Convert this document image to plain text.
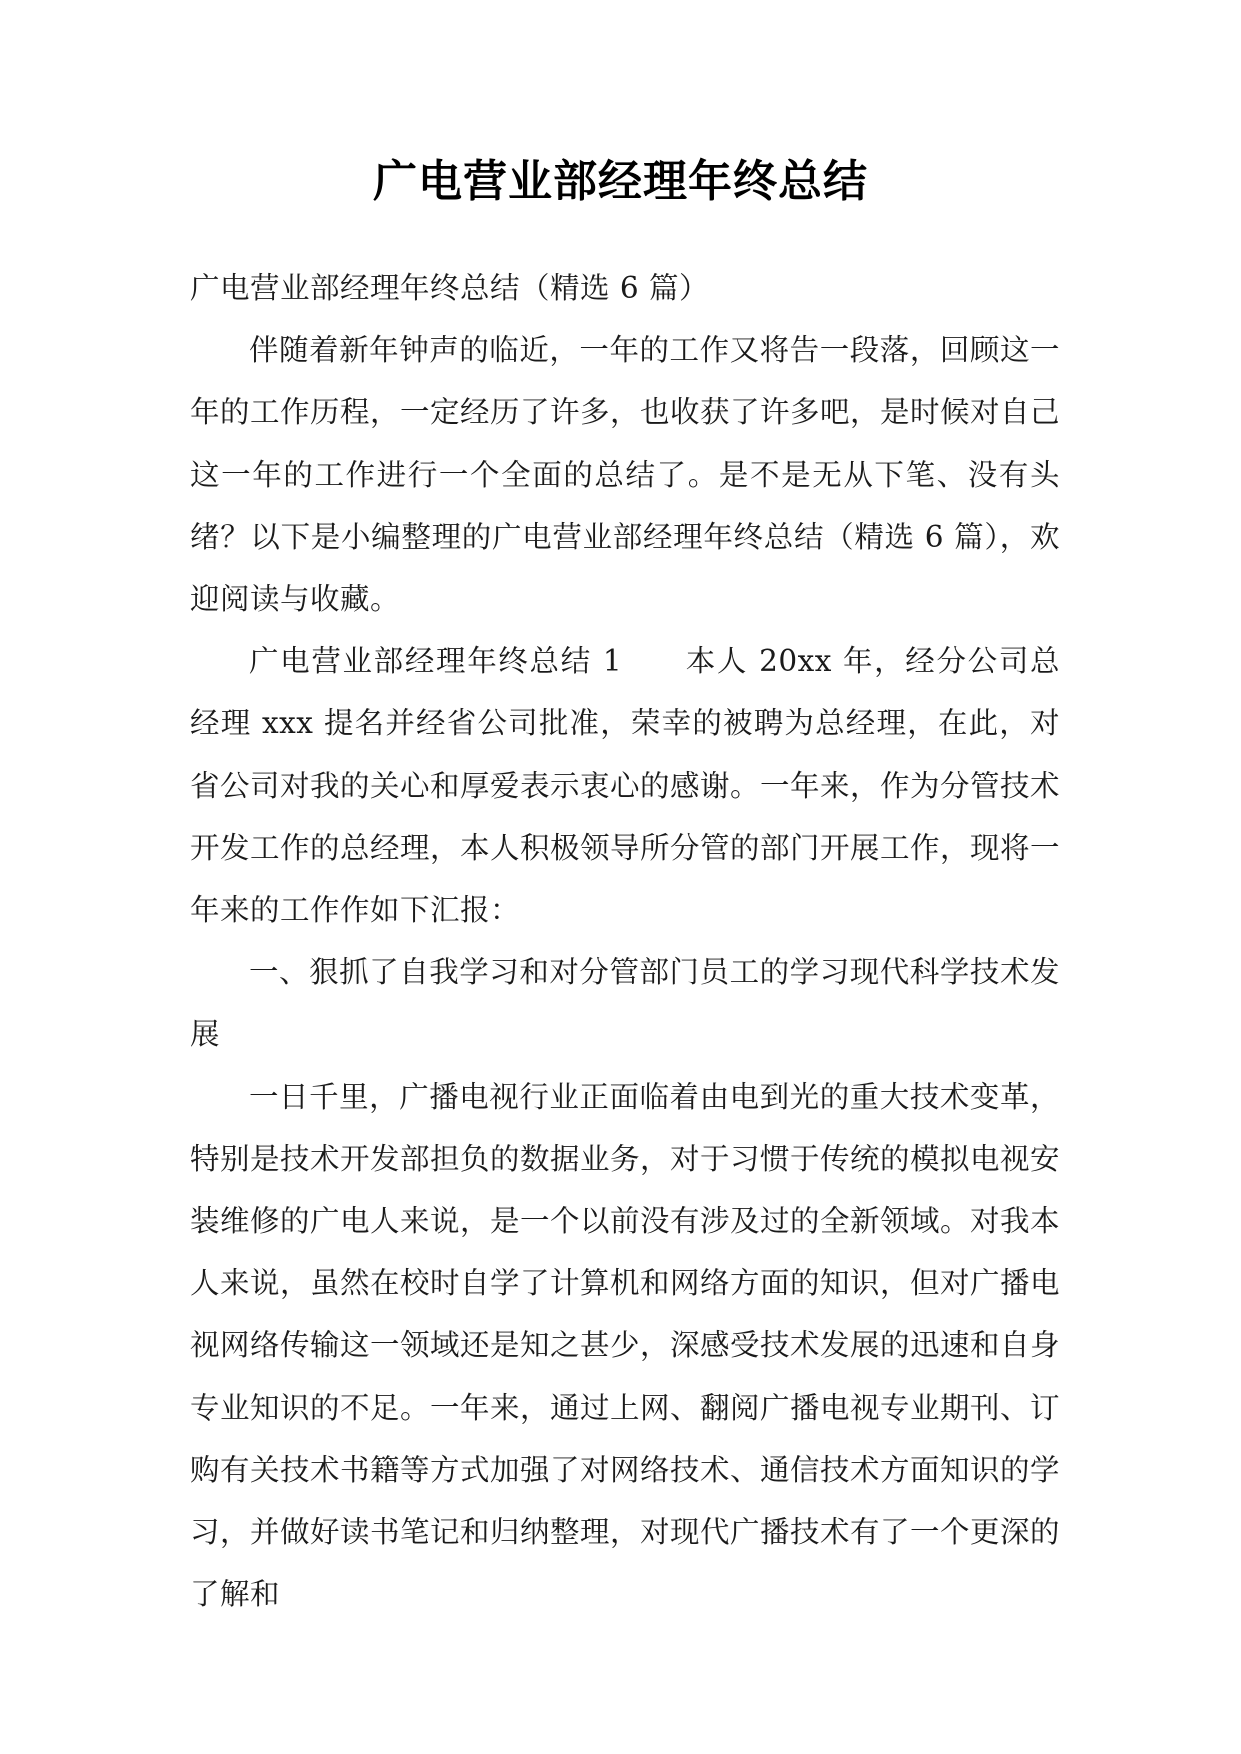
广电营业部经理年终总结

广电营业部经理年终总结（精选 6 篇）

伴随着新年钟声的临近，一年的工作又将告一段落，回顾这一年的工作历程，一定经历了许多，也收获了许多吧，是时候对自己这一年的工作进行一个全面的总结了。是不是无从下笔、没有头绪？以下是小编整理的广电营业部经理年终总结（精选 6 篇），欢迎阅读与收藏。

广电营业部经理年终总结 1　　本人 20xx 年，经分公司总经理 xxx 提名并经省公司批准，荣幸的被聘为总经理，在此，对省公司对我的关心和厚爱表示衷心的感谢。一年来，作为分管技术开发工作的总经理，本人积极领导所分管的部门开展工作，现将一年来的工作作如下汇报：

一、狠抓了自我学习和对分管部门员工的学习现代科学技术发展

一日千里，广播电视行业正面临着由电到光的重大技术变革，特别是技术开发部担负的数据业务，对于习惯于传统的模拟电视安装维修的广电人来说，是一个以前没有涉及过的全新领域。对我本人来说，虽然在校时自学了计算机和网络方面的知识，但对广播电视网络传输这一领域还是知之甚少，深感受技术发展的迅速和自身专业知识的不足。一年来，通过上网、翻阅广播电视专业期刊、订购有关技术书籍等方式加强了对网络技术、通信技术方面知识的学习，并做好读书笔记和归纳整理，对现代广播技术有了一个更深的了解和
